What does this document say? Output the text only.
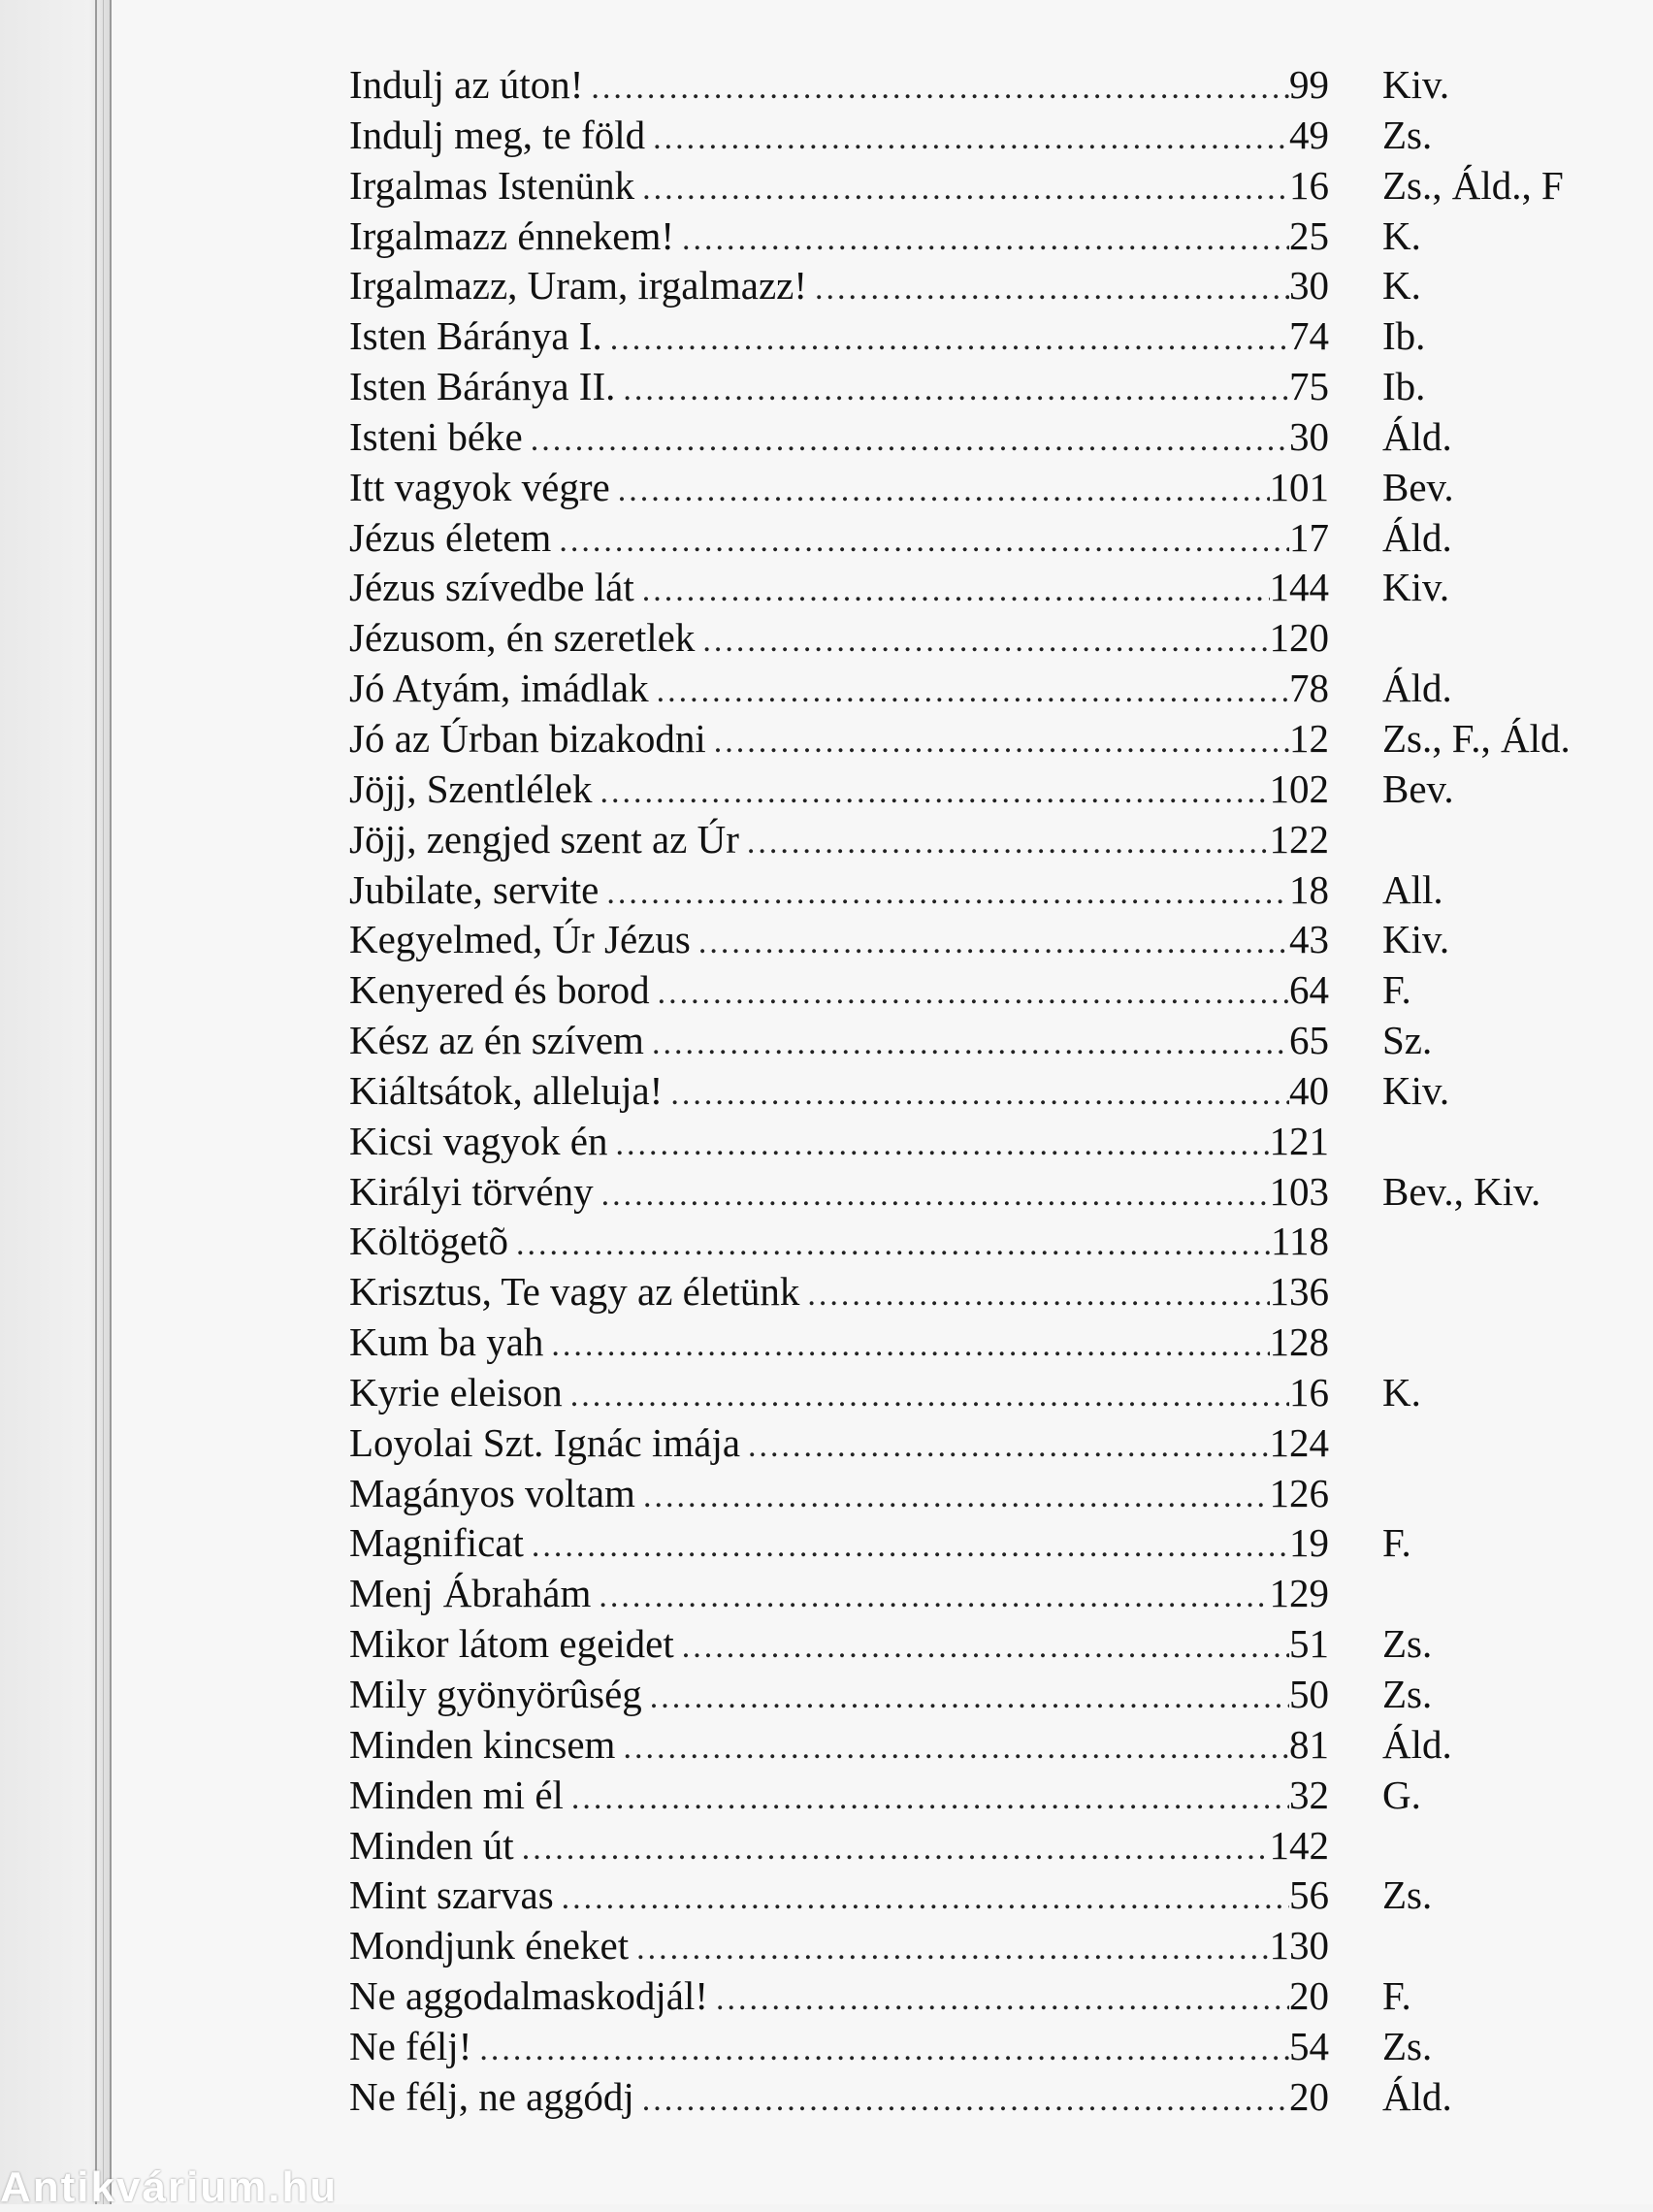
Indulj az úton! .....	99 Kiv.
Indulj meg, te föld .....	49 Zs.
Irgalmas Istenünk .....	16 Zs., Áld., F
Irgalmazz énnekem! .....	25 K.
Irgalmazz, Uram, irgalmazz! .....	30 K.
Isten Báránya I. .....	74 Ib.
Isten Báránya II. .....	75 Ib.
Isteni béke .....	30 Áld.
Itt vagyok végre .....	101 Bev.
Jézus életem .....	17 Áld.
Jézus szívedbe lát .....	144 Kiv.
Jézusom, én szeretlek .....	120
Jó Atyám, imádlak .....	78 Áld.
Jó az Úrban bizakodni .....	12 Zs., F., Áld.
Jöjj, Szentlélek .....	102 Bev.
Jöjj, zengjed szent az Úr .....	122
Jubilate, servite .....	18 All.
Kegyelmed, Úr Jézus .....	43 Kiv.
Kenyered és borod .....	64 F.
Kész az én szívem .....	65 Sz.
Kiáltsátok, alleluja! .....	40 Kiv.
Kicsi vagyok én .....	121
Királyi törvény .....	103 Bev., Kiv.
Költögetõ .....	118
Krisztus, Te vagy az életünk .....	136
Kum ba yah .....	128
Kyrie eleison .....	16 K.
Loyolai Szt. Ignác imája .....	124
Magányos voltam .....	126
Magnificat .....	19 F.
Menj Ábrahám .....	129
Mikor látom egeidet .....	51 Zs.
Mily gyönyörûség .....	50 Zs.
Minden kincsem .....	81 Áld.
Minden mi él .....	32 G.
Minden út .....	142
Mint szarvas .....	56 Zs.
Mondjunk éneket .....	130
Ne aggodalmaskodjál! .....	20 F.
Ne félj! .....	54 Zs.
Ne félj, ne aggódj .....	20 Áld.
Antikvárium.hu
